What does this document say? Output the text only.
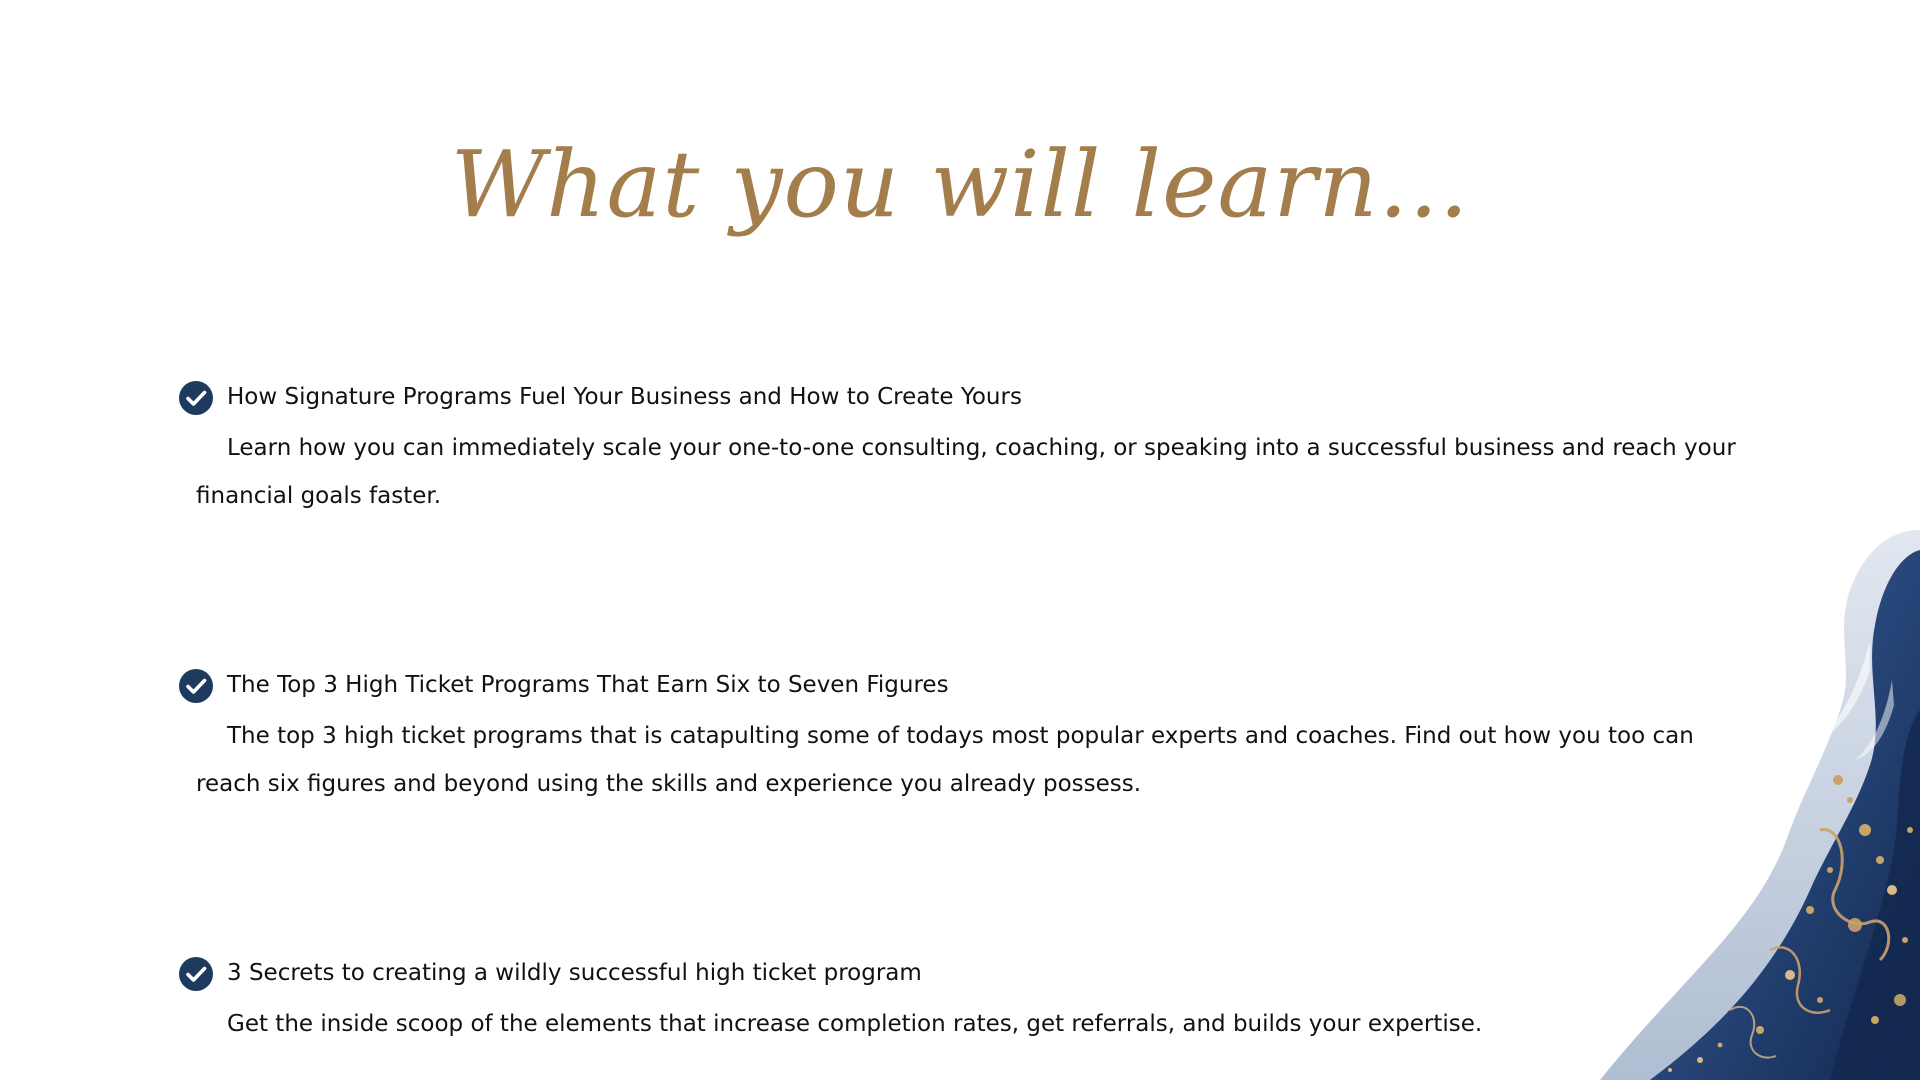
What you will learn...
How Signature Programs Fuel Your Business and How to Create Yours

Learn how you can immediately scale your one-to-one consulting, coaching, or speaking into a successful business and reach your financial goals faster.

The Top 3 High Ticket Programs That Earn Six to Seven Figures

The top 3 high ticket programs that is catapulting some of todays most popular experts and coaches. Find out how you too can reach six figures and beyond using the skills and experience you already possess.

3 Secrets to creating a wildly successful high ticket program

Get the inside scoop of the elements that increase completion rates, get referrals, and builds your expertise.
